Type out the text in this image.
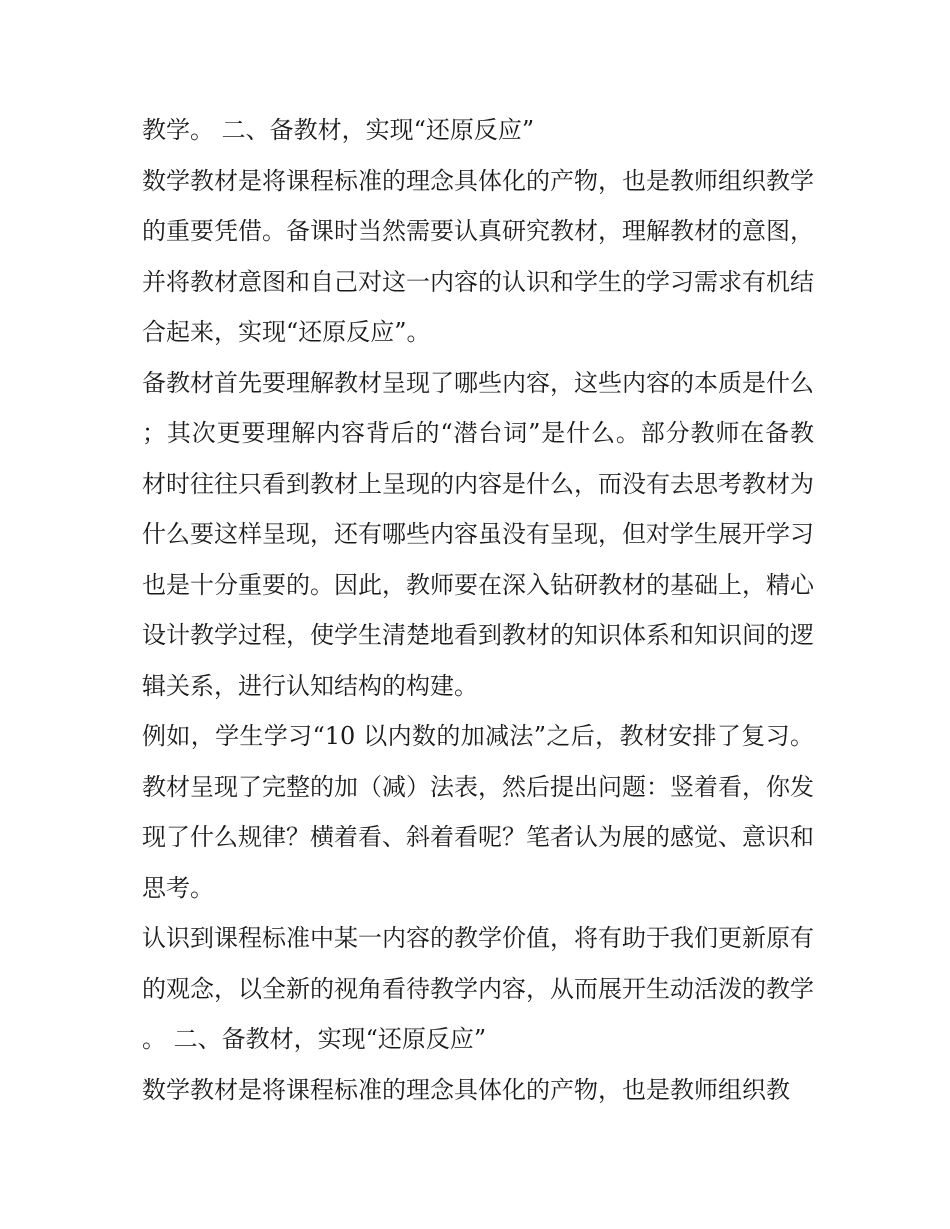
教学。 二、备教材，实现“还原反应”

数学教材是将课程标准的理念具体化的产物，也是教师组织教学的重要凭借。备课时当然需要认真研究教材，理解教材的意图，并将教材意图和自己对这一内容的认识和学生的学习需求有机结合起来，实现“还原反应”。

备教材首先要理解教材呈现了哪些内容，这些内容的本质是什么；其次更要理解内容背后的“潜台词”是什么。部分教师在备教材时往往只看到教材上呈现的内容是什么，而没有去思考教材为什么要这样呈现，还有哪些内容虽没有呈现，但对学生展开学习也是十分重要的。因此，教师要在深入钻研教材的基础上，精心设计教学过程，使学生清楚地看到教材的知识体系和知识间的逻辑关系，进行认知结构的构建。

例如，学生学习“10 以内数的加减法”之后，教材安排了复习。教材呈现了完整的加（减）法表，然后提出问题：竖着看，你发现了什么规律？横着看、斜着看呢？笔者认为展的感觉、意识和思考。

认识到课程标准中某一内容的教学价值，将有助于我们更新原有的观念，以全新的视角看待教学内容，从而展开生动活泼的教学。 二、备教材，实现“还原反应”

数学教材是将课程标准的理念具体化的产物，也是教师组织教
